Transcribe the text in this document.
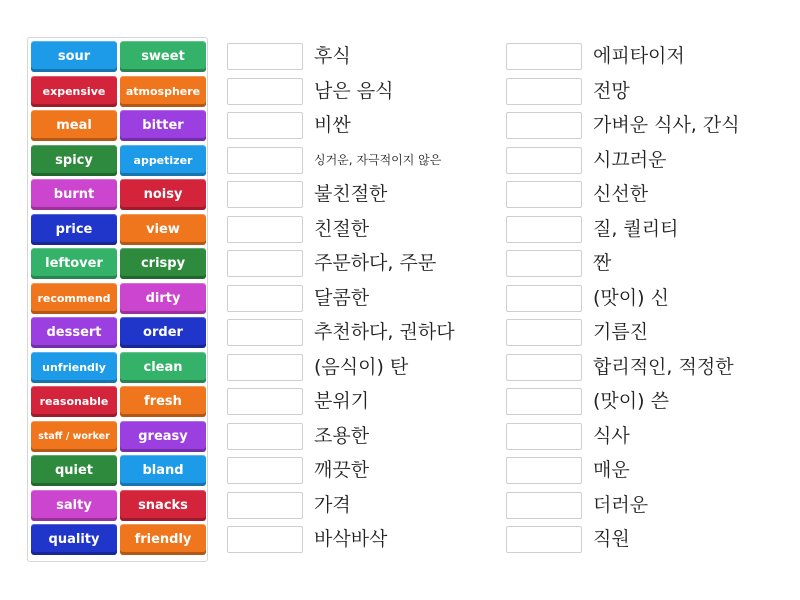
sour	sweet
expensive	atmosphere
meal	bitter
spicy	appetizer
burnt	noisy
price	view
leftover	crispy
recommend	dirty
dessert	order
unfriendly	clean
reasonable	fresh
staff / worker	greasy
quiet	bland
salty	snacks
quality	friendly
후식
남은 음식
비싼
싱거운, 자극적이지 않은
불친절한
친절한
주문하다, 주문
달콤한
추천하다, 권하다
(음식이) 탄
분위기
조용한
깨끗한
가격
바삭바삭
에피타이저
전망
가벼운 식사, 간식
시끄러운
신선한
질, 퀄리티
짠
(맛이) 신
기름진
합리적인, 적정한
(맛이) 쓴
식사
매운
더러운
직원
